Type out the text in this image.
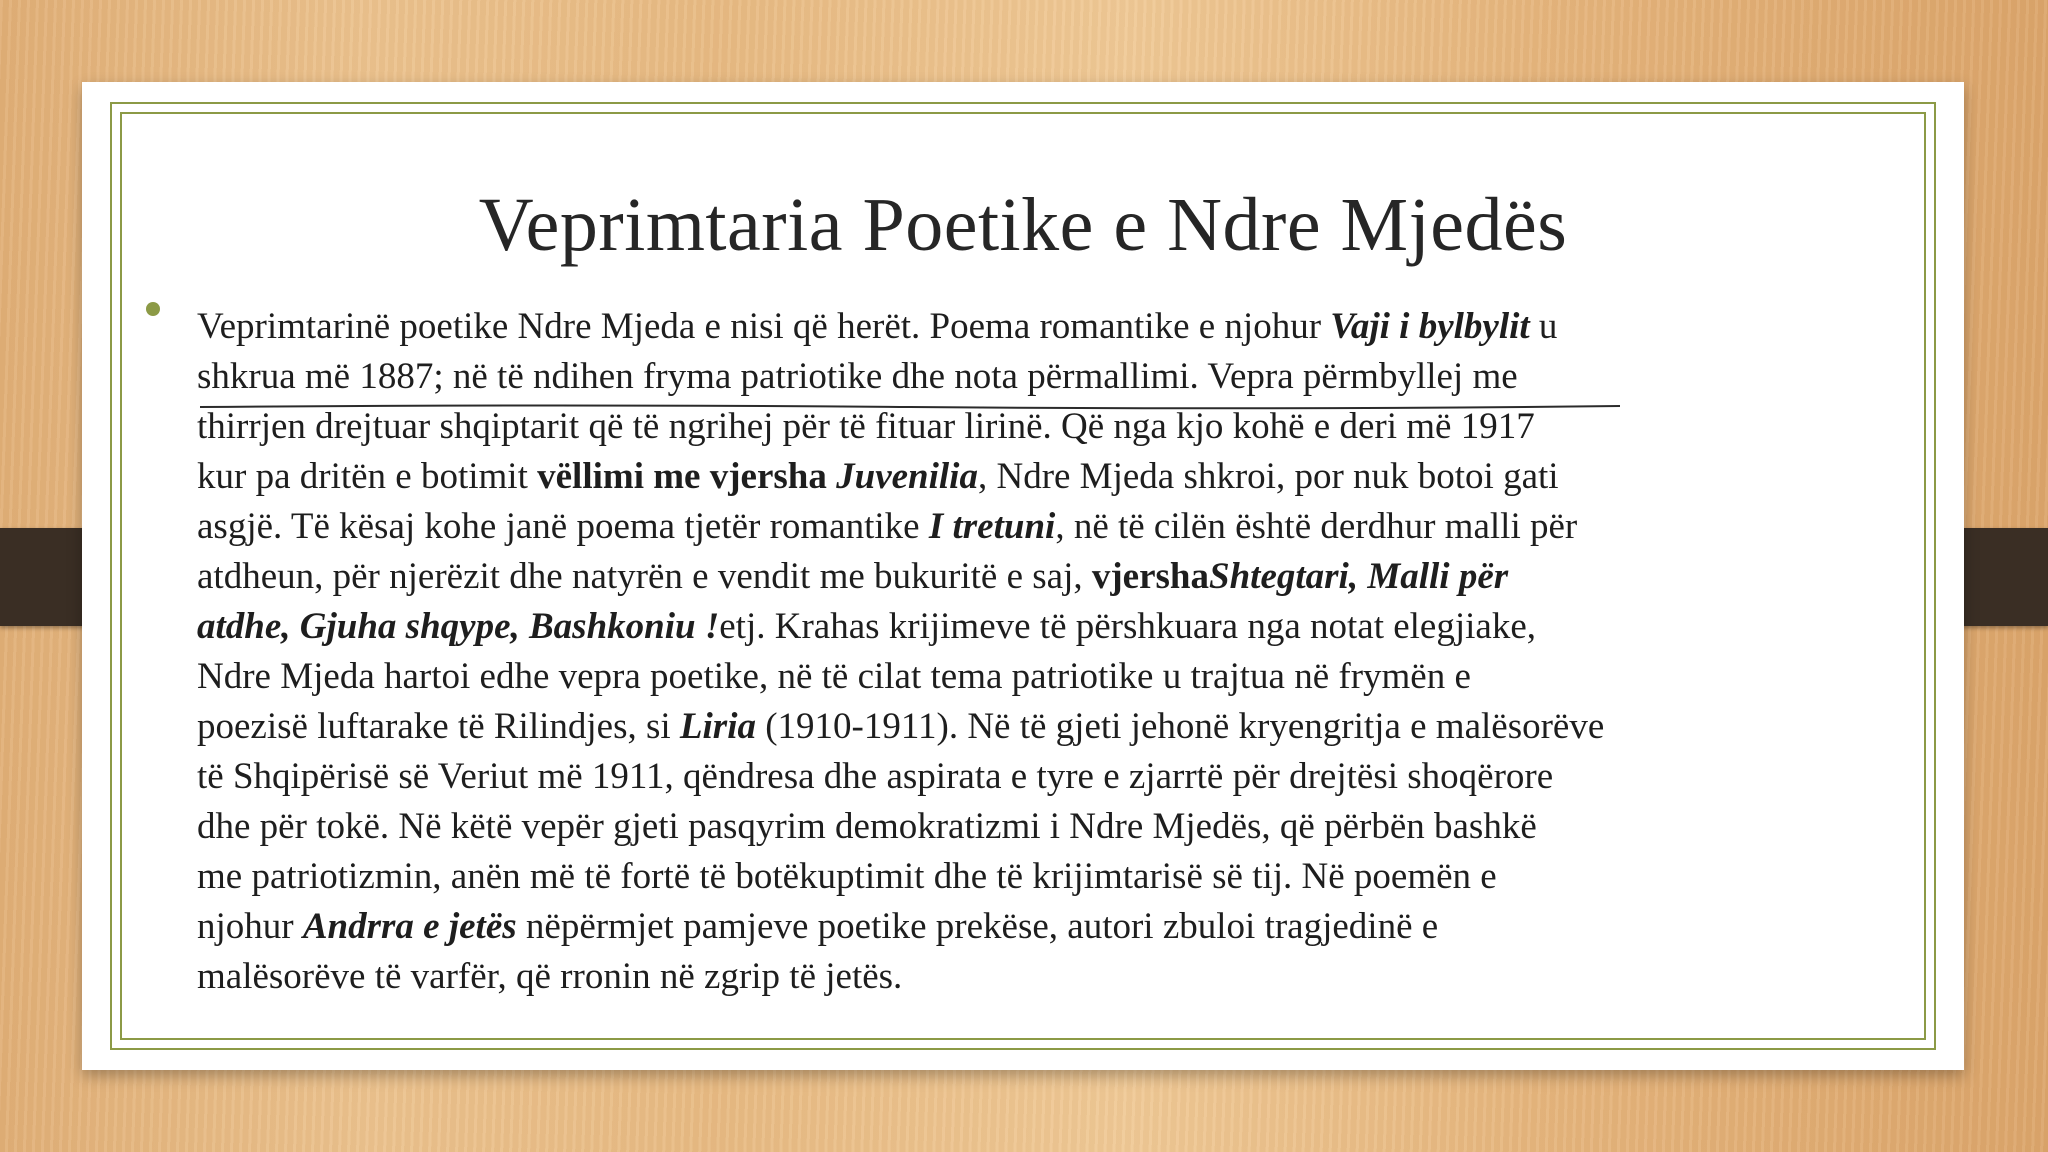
Veprimtaria Poetike e Ndre Mjedës

Veprimtarinë poetike Ndre Mjeda e nisi që herët. Poema romantike e njohur Vaji i bylbylit u
shkrua më 1887; në të ndihen fryma patriotike dhe nota përmallimi. Vepra përmbyllej me
thirrjen drejtuar shqiptarit që të ngrihej për të fituar lirinë. Që nga kjo kohë e deri më 1917
kur pa dritën e botimit vëllimi me vjersha Juvenilia, Ndre Mjeda shkroi, por nuk botoi gati
asgjë. Të kësaj kohe janë poema tjetër romantike I tretuni, në të cilën është derdhur malli për
atdheun, për njerëzit dhe natyrën e vendit me bukuritë e saj, vjershaShtegtari, Malli për
atdhe, Gjuha shqype, Bashkoniu !etj. Krahas krijimeve të përshkuara nga notat elegjiake,
Ndre Mjeda hartoi edhe vepra poetike, në të cilat tema patriotike u trajtua në frymën e
poezisë luftarake të Rilindjes, si Liria (1910-1911). Në të gjeti jehonë kryengritja e malësorëve
të Shqipërisë së Veriut më 1911, qëndresa dhe aspirata e tyre e zjarrtë për drejtësi shoqërore
dhe për tokë. Në këtë vepër gjeti pasqyrim demokratizmi i Ndre Mjedës, që përbën bashkë
me patriotizmin, anën më të fortë të botëkuptimit dhe të krijimtarisë së tij. Në poemën e
njohur Andrra e jetës nëpërmjet pamjeve poetike prekëse, autori zbuloi tragjedinë e
malësorëve të varfër, që rronin në zgrip të jetës.
